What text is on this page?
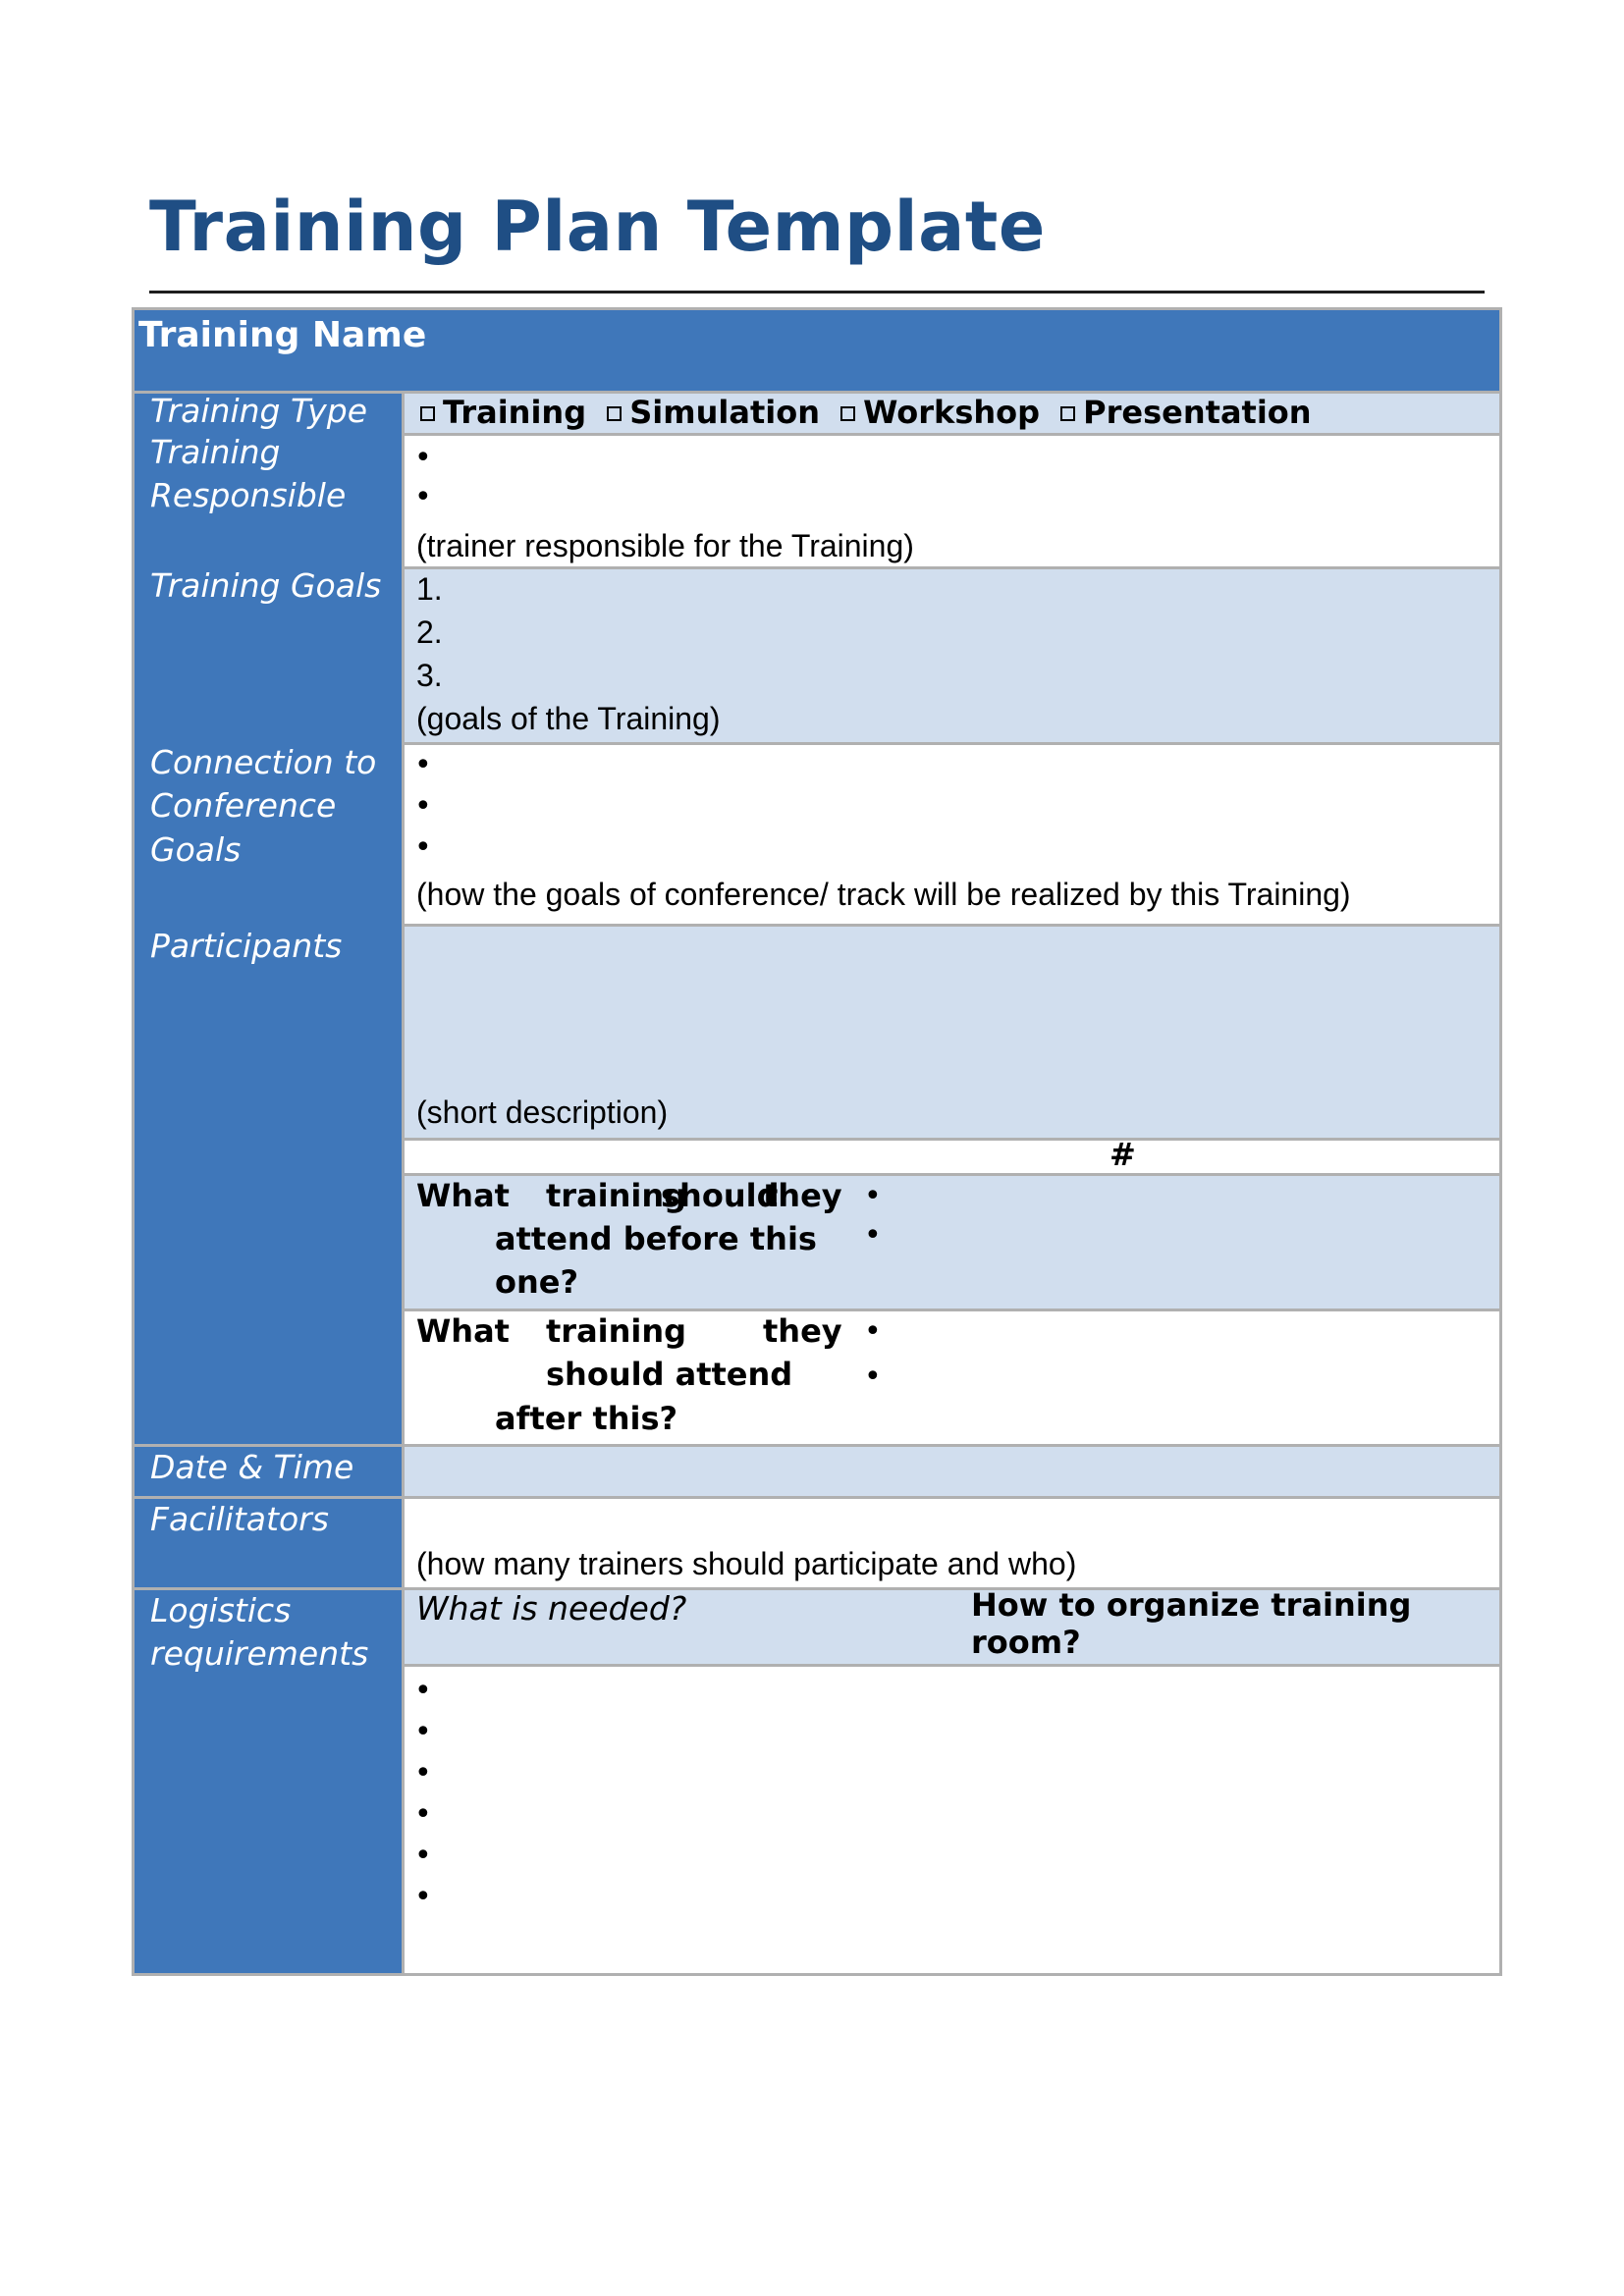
Training Plan Template
Training Name
Training Simulation Workshop Presentation
Training Type
•
•
(trainer responsible for the Training)
Training
Responsible
1.
2.
3.
(goals of the Training)
Training Goals
•
•
•
(how the goals of conference/ track will be realized by this Training)
Connection to
Conference
Goals
(short description)
Participants
#
What training
should
they
attend before this
one?
•
•
What training they
should attend
after this?
•
•
Date & Time
(how many trainers should participate and who)
Facilitators
What is needed?	How to organize training
room?
Logistics
requirements
•
•
•
•
•
•
